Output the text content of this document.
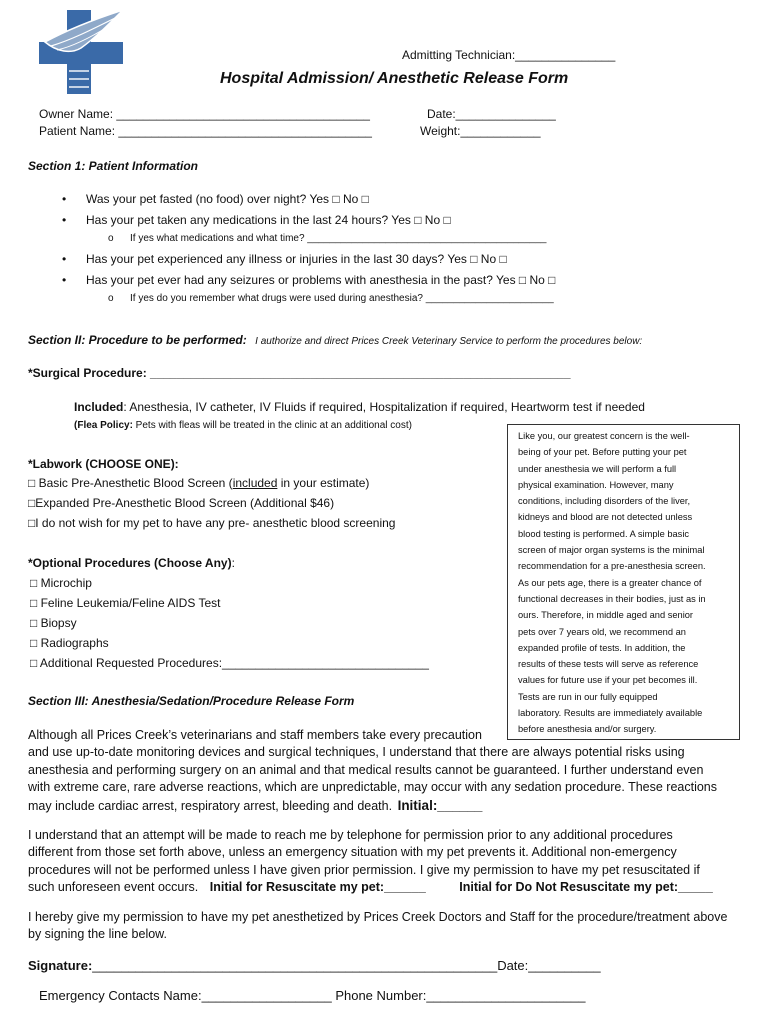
Admitting Technician:_______________
Hospital Admission/ Anesthetic Release Form
Owner Name: ______________________________________	Date:_______________
Patient Name: ______________________________________	Weight:____________
Section 1: Patient Information
• Was your pet fasted (no food) over night? Yes □ No □
• Has your pet taken any medications in the last 24 hours? Yes □ No □
o If yes what medications and what time? ___________________________________________
• Has your pet experienced any illness or injuries in the last 30 days? Yes □ No □
• Has your pet ever had any seizures or problems with anesthesia in the past? Yes □ No □
o If yes do you remember what drugs were used during anesthesia? _______________________
Section II: Procedure to be performed: I authorize and direct Prices Creek Veterinary Service to perform the procedures below:
*Surgical Procedure: _______________________________________________________________
Included: Anesthesia, IV catheter, IV Fluids if required, Hospitalization if required, Heartworm test if needed
(Flea Policy: Pets with fleas will be treated in the clinic at an additional cost)
*Labwork (CHOOSE ONE):
□ Basic Pre-Anesthetic Blood Screen (included in your estimate)
□Expanded Pre-Anesthetic Blood Screen (Additional $46)
□I do not wish for my pet to have any pre- anesthetic blood screening
*Optional Procedures (Choose Any):
□ Microchip
□ Feline Leukemia/Feline AIDS Test
□ Biopsy
□ Radiographs
□ Additional Requested Procedures:_______________________________
Like you, our greatest concern is the well-
being of your pet. Before putting your pet
under anesthesia we will perform a full
physical examination. However, many
conditions, including disorders of the liver,
kidneys and blood are not detected unless
blood testing is performed. A simple basic
screen of major organ systems is the minimal
recommendation for a pre-anesthesia screen.
As our pets age, there is a greater chance of
functional decreases in their bodies, just as in
ours. Therefore, in middle aged and senior
pets over 7 years old, we recommend an
expanded profile of tests. In addition, the
results of these tests will serve as reference
values for future use if your pet becomes ill.
Tests are run in our fully equipped
laboratory. Results are immediately available
before anesthesia and/or surgery.
Section III: Anesthesia/Sedation/Procedure Release Form
Although all Prices Creek’s veterinarians and staff members take every precaution
and use up-to-date monitoring devices and surgical techniques, I understand that there are always potential risks using
anesthesia and performing surgery on an animal and that medical results cannot be guaranteed. I further understand even
with extreme care, rare adverse reactions, which are unpredictable, may occur with any sedation procedure. These reactions
may include cardiac arrest, respiratory arrest, bleeding and death. Initial:______
I understand that an attempt will be made to reach me by telephone for permission prior to any additional procedures
different from those set forth above, unless an emergency situation with my pet prevents it. Additional non-emergency
procedures will not be performed unless I have given prior permission. I give my permission to have my pet resuscitated if
such unforeseen event occurs. Initial for Resuscitate my pet:______	Initial for Do Not Resuscitate my pet:_____
I hereby give my permission to have my pet anesthetized by Prices Creek Doctors and Staff for the procedure/treatment above
by signing the line below.
Signature:________________________________________________________Date:__________
Emergency Contacts Name:__________________ Phone Number:______________________
